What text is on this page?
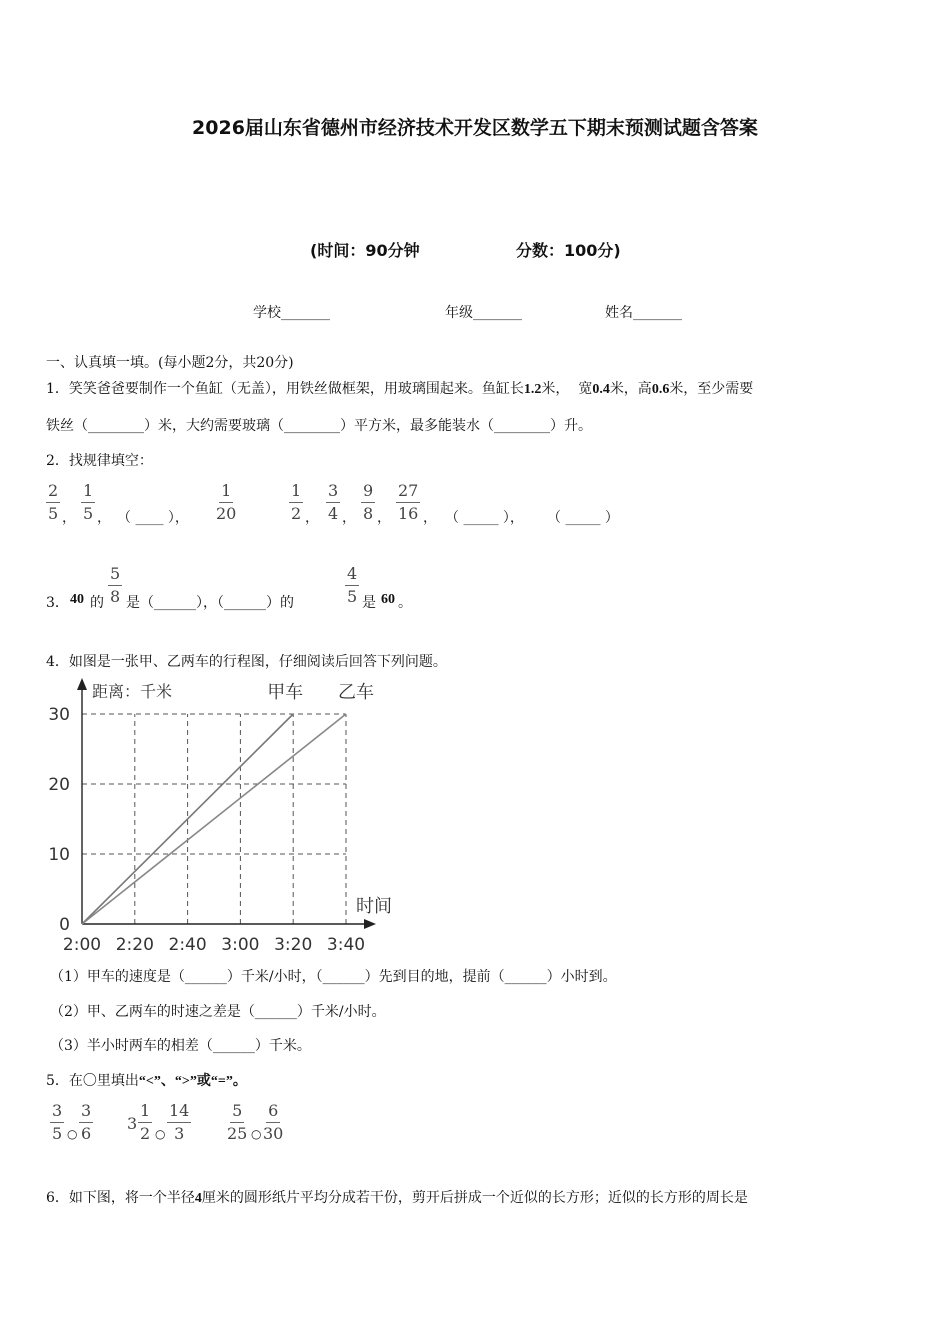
2026届山东省德州市经济技术开发区数学五下期末预测试题含答案
(时间：90分钟	分数：100分)
学校_______	年级_______	姓名_______
一、认真填一填。(每小题2分，共20分)
1．笑笑爸爸要制作一个鱼缸（无盖），用铁丝做框架，用玻璃围起来。鱼缸长1.2米， 宽0.4米，高0.6米，至少需要
铁丝（________）米，大约需要玻璃（________）平方米，最多能装水（________）升。
2．找规律填空：
$\frac{2}{5}$ ， $\frac{1}{5}$ ， （ ____ ）， $\frac{1}{20}$	$\frac{1}{2}$ ， $\frac{3}{4}$ ， $\frac{9}{8}$ ， $\frac{27}{16}$ ， （ _____ ）， （ _____ ）
3． 40 的 $\frac{5}{8}$ 是（______），（______）的	$\frac{4}{5}$ 是 60 。
4．如图是一张甲、乙两车的行程图，仔细阅读后回答下列问题。
0
10
20
30
2:00 2:20 2:40 3:00 3:20 3:40
距离：千米
时间
甲车 乙车
（1）甲车的速度是（______）千米/小时，（______）先到目的地，提前（______）小时到。
（2）甲、乙两车的时速之差是（______）千米/小时。
（3）半小时两车的相差（______）千米。
5．在〇里填出“<”、“>”或“=”。
$\frac{3}{5}$ ○ $\frac{3}{6} 3 \frac{1}{2}$ ○ $\frac{14}{3} \frac{5}{25}$ ○ $\frac{6}{30}$
6．如下图，将一个半径4厘米的圆形纸片平均分成若干份，剪开后拼成一个近似的长方形；近似的长方形的周长是
